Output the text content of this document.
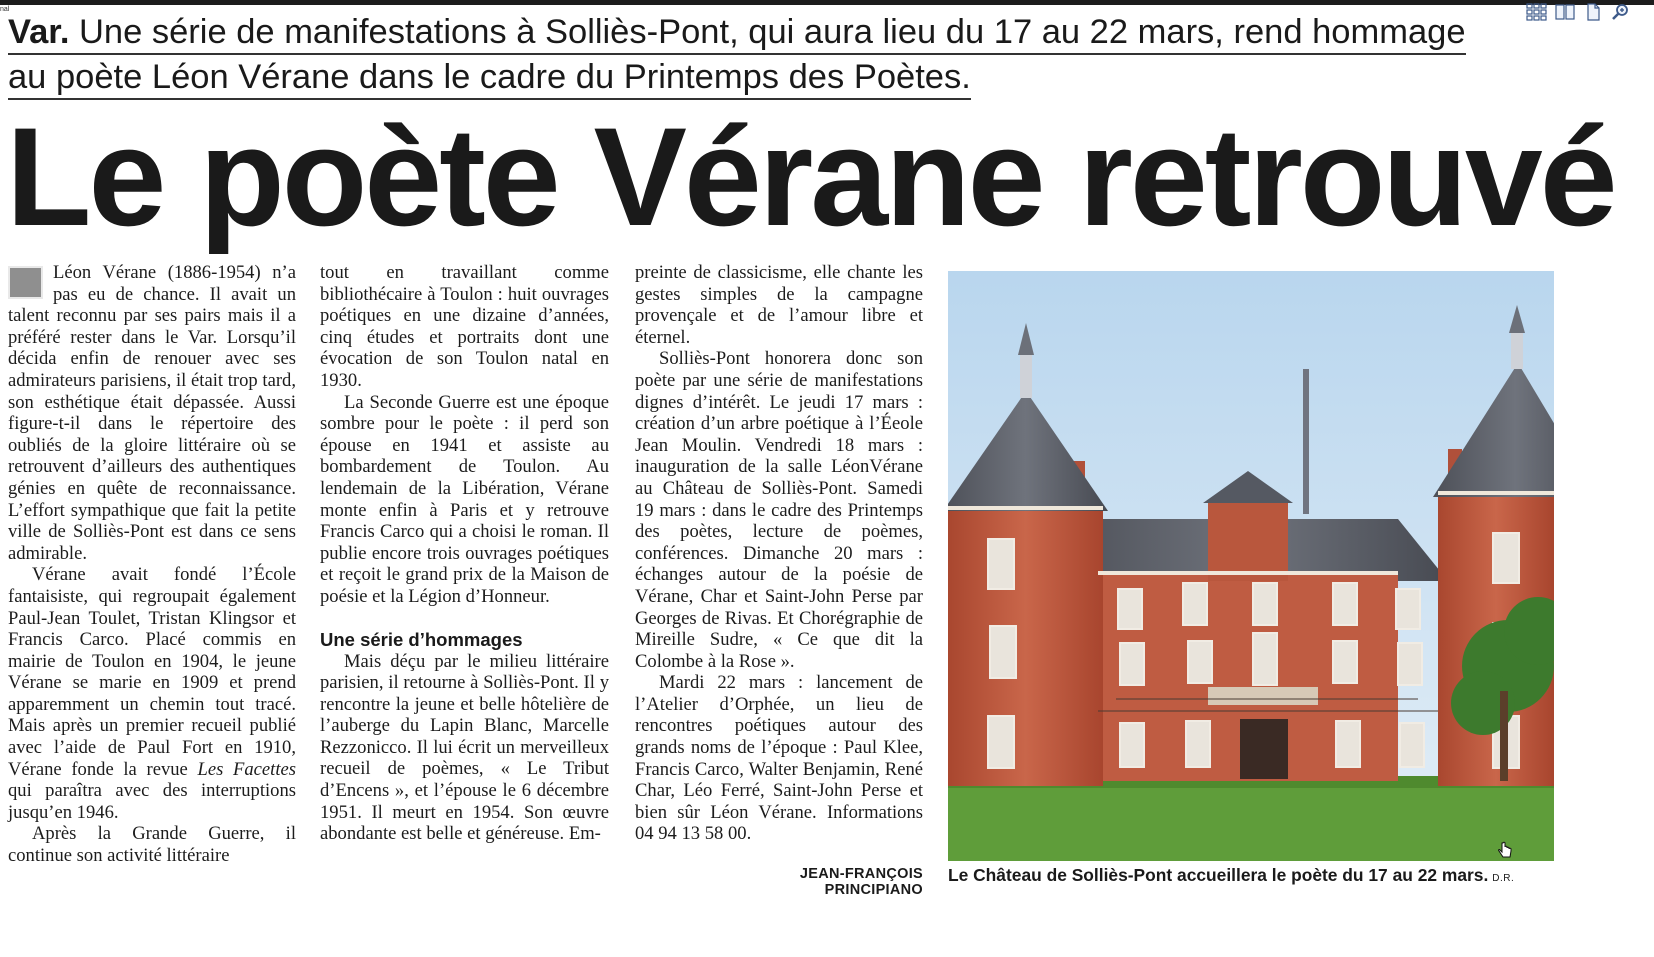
nal
Var. Une série de manifestations à Solliès-Pont, qui aura lieu du 17 au 22 mars, rend hommage
au poète Léon Vérane dans le cadre du Printemps des Poètes.
Le poète Vérane retrouvé

Léon Vérane (1886-1954) n’a pas eu de chance. Il avait un talent reconnu par ses pairs mais il a préféré rester dans le Var. Lorsqu’il décida enfin de renouer avec ses admirateurs parisiens, il était trop tard, son esthétique était dépassée. Aussi figure-t-il dans le répertoire des oubliés de la gloire littéraire où se retrouvent d’ailleurs des authentiques génies en quête de reconnaissance. L’effort sympathique que fait la petite ville de Solliès-Pont est dans ce sens admirable.

Vérane avait fondé l’École fantaisiste, qui regroupait également Paul-Jean Toulet, Tristan Klingsor et Francis Carco. Placé commis en mairie de Toulon en 1904, le jeune Vérane se marie en 1909 et prend apparemment un chemin tout tracé. Mais après un premier recueil publié avec l’aide de Paul Fort en 1910, Vérane fonde la revue Les Facettes qui paraîtra avec des interruptions jusqu’en 1946.

Après la Grande Guerre, il continue son activité littéraire

tout en travaillant comme bibliothécaire à Toulon : huit ouvrages poétiques en une dizaine d’années, cinq études et portraits dont une évocation de son Toulon natal en 1930.

La Seconde Guerre est une époque sombre pour le poète : il perd son épouse en 1941 et assiste au bombardement de Toulon. Au lendemain de la Libération, Vérane monte enfin à Paris et y retrouve Francis Carco qui a choisi le roman. Il publie encore trois ouvrages poétiques et reçoit le grand prix de la Maison de poésie et la Légion d’Honneur.

Une série d’hommages

Mais déçu par le milieu littéraire parisien, il retourne à Solliès-Pont. Il y rencontre la jeune et belle hôtelière de l’auberge du Lapin Blanc, Marcelle Rezzonicco. Il lui écrit un merveilleux recueil de poèmes, « Le Tribut d’Encens », et l’épouse le 6 décembre 1951. Il meurt en 1954. Son œuvre abondante est belle et généreuse. Em-

preinte de classicisme, elle chante les gestes simples de la campagne provençale et de l’amour libre et éternel.

Solliès-Pont honorera donc son poète par une série de manifestations dignes d’intérêt. Le jeudi 17 mars : création d’un arbre poétique à l’Éeole Jean Moulin. Vendredi 18 mars : inauguration de la salle LéonVérane au Château de Solliès-Pont. Samedi 19 mars : dans le cadre des Printemps des poètes, lecture de poèmes, conférences. Dimanche 20 mars : échanges autour de la poésie de Vérane, Char et Saint-John Perse par Georges de Rivas. Et Chorégraphie de Mireille Sudre, « Ce que dit la Colombe à la Rose ».

Mardi 22 mars : lancement de l’Atelier d’Orphée, un lieu de rencontres poétiques autour des grands noms de l’époque : Paul Klee, Francis Carco, Walter Benjamin, René Char, Léo Ferré, Saint-John Perse et bien sûr Léon Vérane. Informations 04 94 13 58 00.

JEAN-FRANÇOIS PRINCIPIANO
Le Château de Solliès-Pont accueillera le poète du 17 au 22 mars. D.R.
